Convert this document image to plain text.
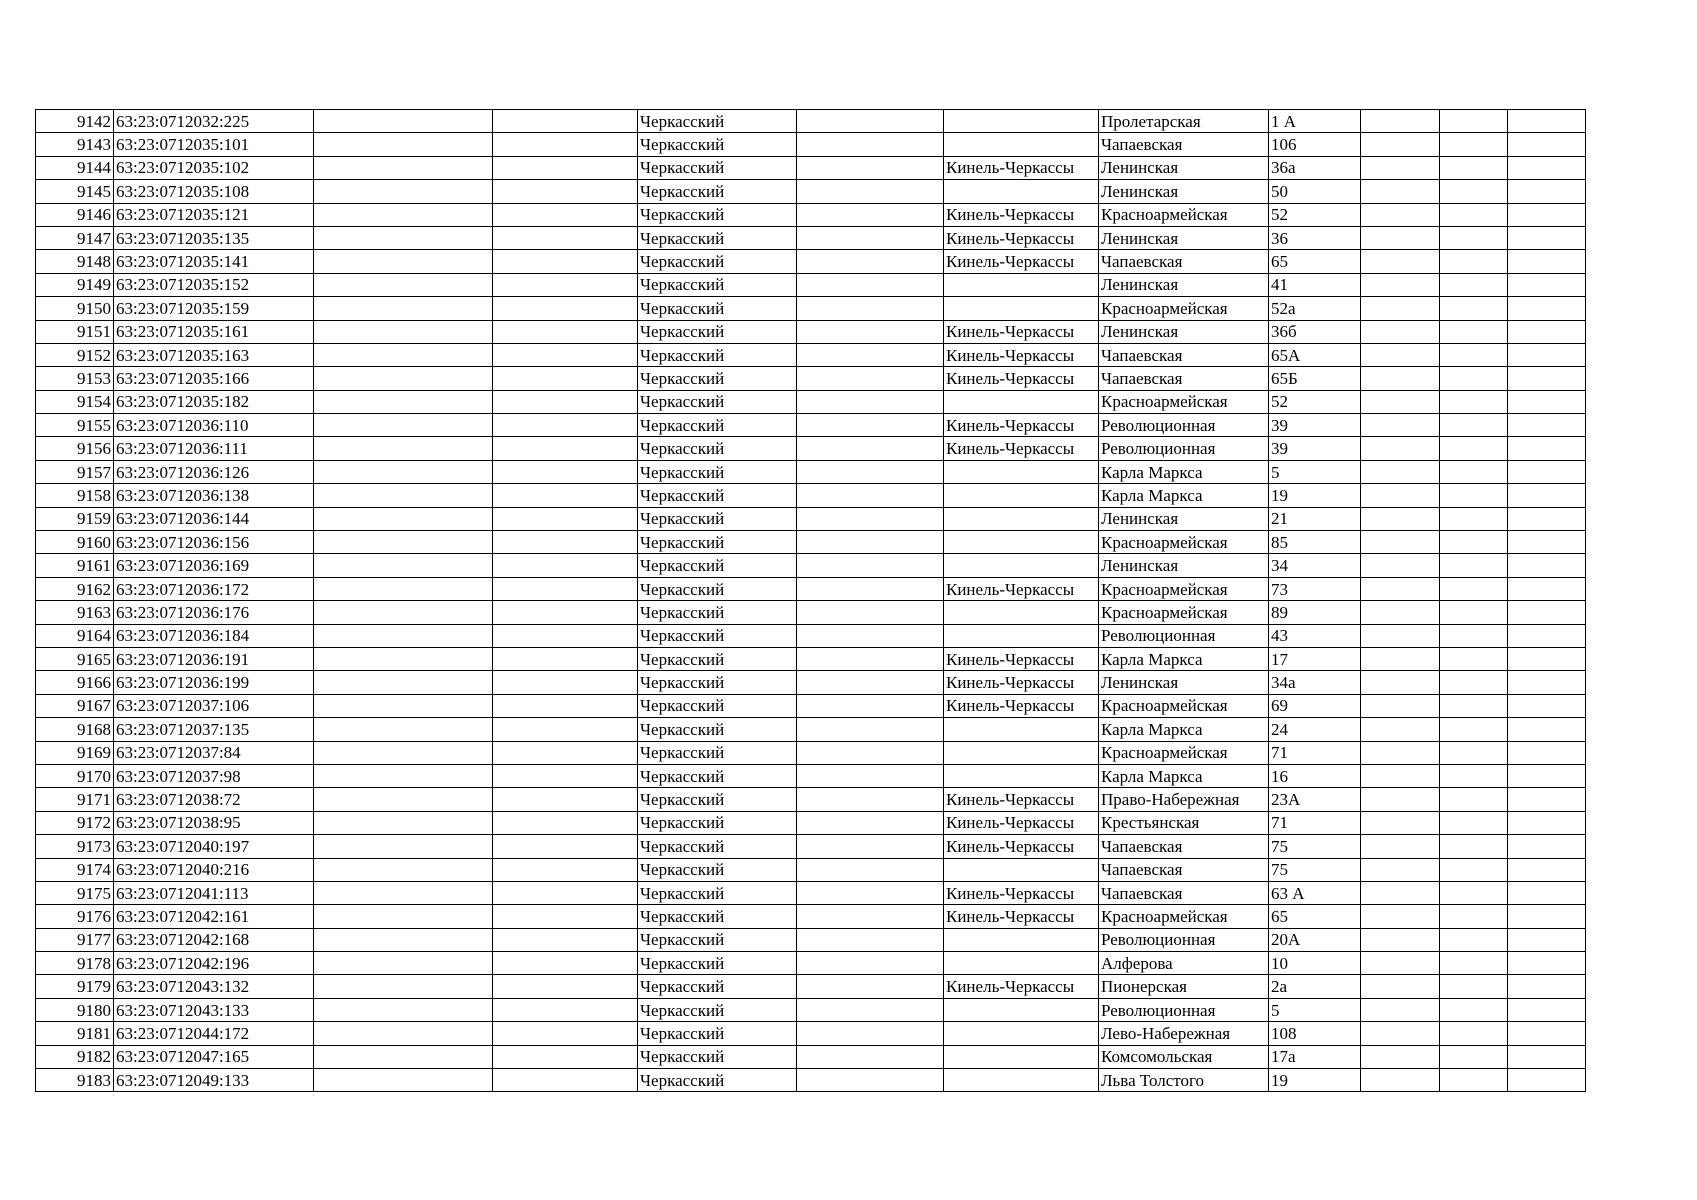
9142	63:23:0712032:225			Черкасский			Пролетарская	1 А			
9143	63:23:0712035:101			Черкасский			Чапаевская	106			
9144	63:23:0712035:102			Черкасский		Кинель-Черкассы	Ленинская	36а			
9145	63:23:0712035:108			Черкасский			Ленинская	50			
9146	63:23:0712035:121			Черкасский		Кинель-Черкассы	Красноармейская	52			
9147	63:23:0712035:135			Черкасский		Кинель-Черкассы	Ленинская	36			
9148	63:23:0712035:141			Черкасский		Кинель-Черкассы	Чапаевская	65			
9149	63:23:0712035:152			Черкасский			Ленинская	41			
9150	63:23:0712035:159			Черкасский			Красноармейская	52а			
9151	63:23:0712035:161			Черкасский		Кинель-Черкассы	Ленинская	36б			
9152	63:23:0712035:163			Черкасский		Кинель-Черкассы	Чапаевская	65А			
9153	63:23:0712035:166			Черкасский		Кинель-Черкассы	Чапаевская	65Б			
9154	63:23:0712035:182			Черкасский			Красноармейская	52			
9155	63:23:0712036:110			Черкасский		Кинель-Черкассы	Революционная	39			
9156	63:23:0712036:111			Черкасский		Кинель-Черкассы	Революционная	39			
9157	63:23:0712036:126			Черкасский			Карла Маркса	5			
9158	63:23:0712036:138			Черкасский			Карла Маркса	19			
9159	63:23:0712036:144			Черкасский			Ленинская	21			
9160	63:23:0712036:156			Черкасский			Красноармейская	85			
9161	63:23:0712036:169			Черкасский			Ленинская	34			
9162	63:23:0712036:172			Черкасский		Кинель-Черкассы	Красноармейская	73			
9163	63:23:0712036:176			Черкасский			Красноармейская	89			
9164	63:23:0712036:184			Черкасский			Революционная	43			
9165	63:23:0712036:191			Черкасский		Кинель-Черкассы	Карла Маркса	17			
9166	63:23:0712036:199			Черкасский		Кинель-Черкассы	Ленинская	34а			
9167	63:23:0712037:106			Черкасский		Кинель-Черкассы	Красноармейская	69			
9168	63:23:0712037:135			Черкасский			Карла Маркса	24			
9169	63:23:0712037:84			Черкасский			Красноармейская	71			
9170	63:23:0712037:98			Черкасский			Карла Маркса	16			
9171	63:23:0712038:72			Черкасский		Кинель-Черкассы	Право-Набережная	23А			
9172	63:23:0712038:95			Черкасский		Кинель-Черкассы	Крестьянская	71			
9173	63:23:0712040:197			Черкасский		Кинель-Черкассы	Чапаевская	75			
9174	63:23:0712040:216			Черкасский			Чапаевская	75			
9175	63:23:0712041:113			Черкасский		Кинель-Черкассы	Чапаевская	63 А			
9176	63:23:0712042:161			Черкасский		Кинель-Черкассы	Красноармейская	65			
9177	63:23:0712042:168			Черкасский			Революционная	20А			
9178	63:23:0712042:196			Черкасский			Алферова	10			
9179	63:23:0712043:132			Черкасский		Кинель-Черкассы	Пионерская	2а			
9180	63:23:0712043:133			Черкасский			Революционная	5			
9181	63:23:0712044:172			Черкасский			Лево-Набережная	108			
9182	63:23:0712047:165			Черкасский			Комсомольская	17а			
9183	63:23:0712049:133			Черкасский			Льва Толстого	19			
